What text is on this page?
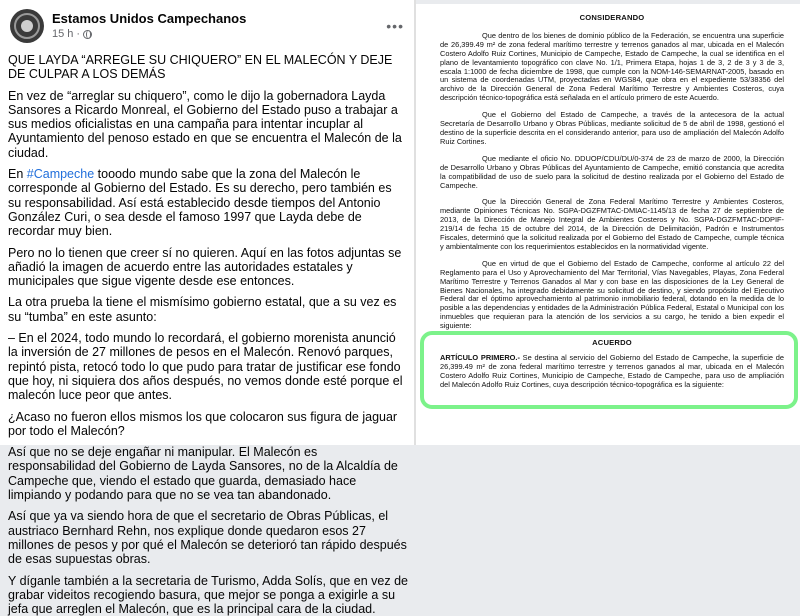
Estamos Unidos Campechanos
15 h ·	•••

QUE LAYDA “ARREGLE SU CHIQUERO” EN EL MALECÓN Y DEJE DE CULPAR A LOS DEMÁS

En vez de “arreglar su chiquero”, como le dijo la gobernadora Layda Sansores a Ricardo Monreal, el Gobierno del Estado puso a trabajar a sus medios oficialistas en una campaña para intentar incuplar al Ayuntamiento del penoso estado en que se encuentra el Malecón de la ciudad.

En #Campeche tooodo mundo sabe que la zona del Malecón le corresponde al Gobierno del Estado. Es su derecho, pero también es su responsabilidad. Así está establecido desde tiempos del Antonio González Curi, o sea desde el famoso 1997 que Layda debe de recordar muy bien.

Pero no lo tienen que creer sí no quieren. Aquí en las fotos adjuntas se añadió la imagen de acuerdo entre las autoridades estatales y municipales que sigue vigente desde ese entonces.

La otra prueba la tiene el mismísimo gobierno estatal, que a su vez es su “tumba” en este asunto:

– En el 2024, todo mundo lo recordará, el gobierno morenista anunció la inversión de 27 millones de pesos en el Malecón. Renovó parques, repintó pista, retocó todo lo que pudo para tratar de justificar ese fondo que hoy, ni siquiera dos años después, no vemos donde esté porque el malecón luce peor que antes.

¿Acaso no fueron ellos mismos los que colocaron sus figura de jaguar por todo el Malecón?

Así que no se deje engañar ni manipular. El Malecón es responsabilidad del Gobierno de Layda Sansores, no de la Alcaldía de Campeche que, viendo el estado que guarda, demasiado hace limpiando y podando para que no se vea tan abandonado.

Así que ya va siendo hora de que el secretario de Obras Públicas, el austriaco Bernhard Rehn, nos explique donde quedaron esos 27 millones de pesos y por qué el Malecón se deterioró tan rápido después de esas supuestas obras.

Y díganle también a la secretaria de Turismo, Adda Solís, que en vez de grabar videitos recogiendo basura, que mejor se ponga a exigirle a su jefa que arreglen el Malecón, que es la principal cara de la ciudad.

CONSIDERANDO

Que dentro de los bienes de dominio público de la Federación, se encuentra una superficie de 26,399.49 m² de zona federal marítimo terrestre y terrenos ganados al mar, ubicada en el Malecón Costero Adolfo Ruiz Cortines, Municipio de Campeche, Estado de Campeche, la cual se identifica en el plano de levantamiento topográfico con clave No. 1/1, Primera Etapa, hojas 1 de 3, 2 de 3 y 3 de 3, escala 1:1000 de fecha diciembre de 1998, que cumple con la NOM-146-SEMARNAT-2005, basado en un sistema de coordenadas UTM, proyectadas en WGS84, que obra en el expediente 53/38356 del archivo de la Dirección General de Zona Federal Marítimo Terrestre y Ambientes Costeros, cuya descripción técnico-topográfica está señalada en el artículo primero de este Acuerdo.

Que el Gobierno del Estado de Campeche, a través de la antecesora de la actual Secretaría de Desarrollo Urbano y Obras Públicas, mediante solicitud de 5 de abril de 1998, gestionó el destino de la superficie descrita en el considerando anterior, para uso de ampliación del Malecón Adolfo Ruiz Cortines.

Que mediante el oficio No. DDUOP/CDU/DU/0-374 de 23 de marzo de 2000, la Dirección de Desarrollo Urbano y Obras Públicas del Ayuntamiento de Campeche, emitió constancia que acredita la compatibilidad de uso de suelo para la solicitud de destino realizada por el Gobierno del Estado de Campeche.

Que la Dirección General de Zona Federal Marítimo Terrestre y Ambientes Costeros, mediante Opiniones Técnicas No. SGPA-DGZFMTAC-DMIAC-1145/13 de fecha 27 de septiembre de 2013, de la Dirección de Manejo Integral de Ambientes Costeros y No. SGPA-DGZFMTAC-DDPIF-219/14 de fecha 15 de octubre del 2014, de la Dirección de Delimitación, Padrón e Instrumentos Fiscales, determinó que la solicitud realizada por el Gobierno del Estado de Campeche, cumple técnica y ambientalmente con los requerimientos establecidos en la normatividad vigente.

Que en virtud de que el Gobierno del Estado de Campeche, conforme al artículo 22 del Reglamento para el Uso y Aprovechamiento del Mar Territorial, Vías Navegables, Playas, Zona Federal Marítimo Terrestre y Terrenos Ganados al Mar y con base en las disposiciones de la Ley General de Bienes Nacionales, ha integrado debidamente su solicitud de destino, y siendo propósito del Ejecutivo Federal dar el óptimo aprovechamiento al patrimonio inmobiliario federal, dotando en la medida de lo posible a las dependencias y entidades de la Administración Pública Federal, Estatal o Municipal con los inmuebles que requieran para la atención de los servicios a su cargo, he tenido a bien expedir el siguiente:

ACUERDO

ARTÍCULO PRIMERO.- Se destina al servicio del Gobierno del Estado de Campeche, la superficie de 26,399.49 m² de zona federal marítimo terrestre y terrenos ganados al mar, ubicada en el Malecón Costero Adolfo Ruiz Cortines, Municipio de Campeche, Estado de Campeche, para uso de ampliación del Malecón Adolfo Ruiz Cortines, cuya descripción técnico-topográfica es la siguiente:
